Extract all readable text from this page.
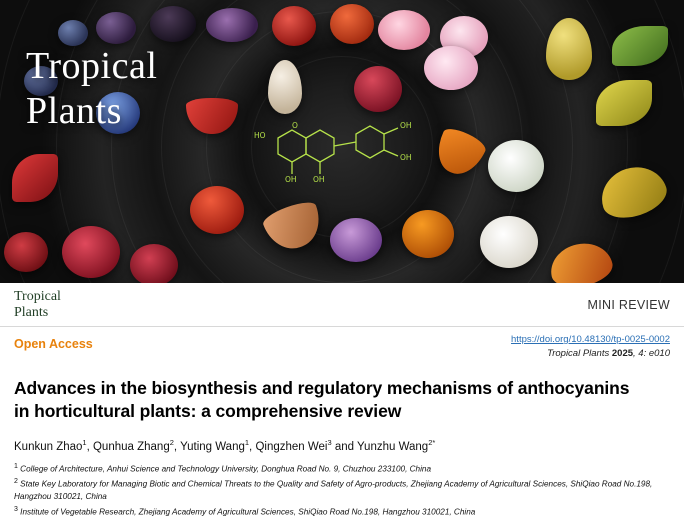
HO
O
OH OH
OH
OH
Tropical
Plants
Tropical
Plants	MINI REVIEW
Open Access	https://doi.org/10.48130/tp-0025-0002
Tropical Plants 2025, 4: e010
Advances in the biosynthesis and regulatory mechanisms of anthocyanins
in horticultural plants: a comprehensive review
Kunkun Zhao$^1$, Qunhua Zhang$^2$, Yuting Wang$^1$, Qingzhen Wei$^3$ and Yunzhu Wang$^{2*}$
1 College of Architecture, Anhui Science and Technology University, Donghua Road No. 9, Chuzhou 233100, China
2 State Key Laboratory for Managing Biotic and Chemical Threats to the Quality and Safety of Agro-products, Zhejiang Academy of Agricultural Sciences, ShiQiao Road No.198, Hangzhou 310021, China
3 Institute of Vegetable Research, Zhejiang Academy of Agricultural Sciences, ShiQiao Road No.198, Hangzhou 310021, China
